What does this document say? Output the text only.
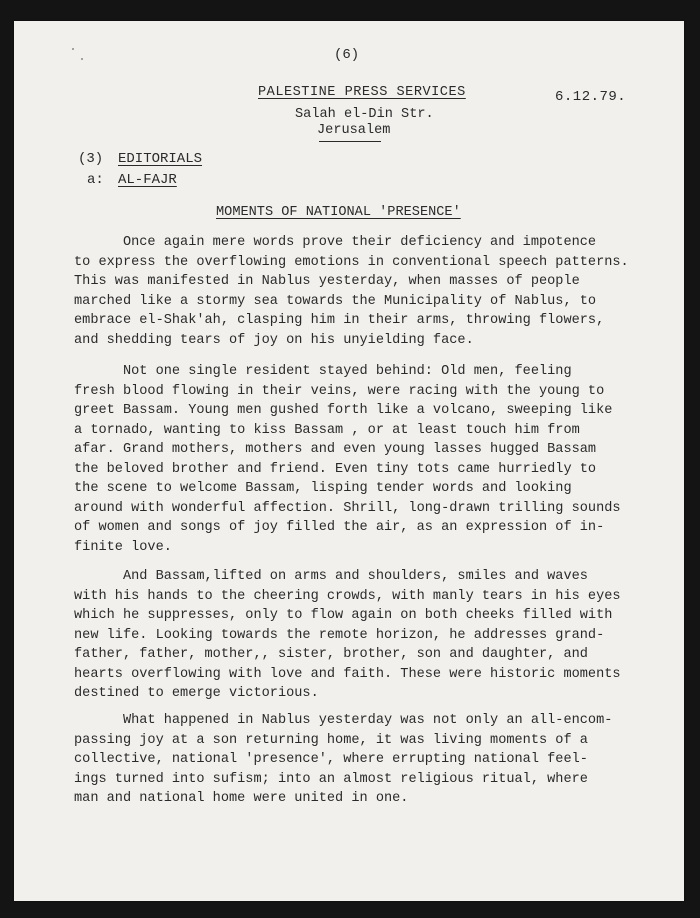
(6)
PALESTINE PRESS SERVICES	6.12.79.
Salah el-Din Str.
Jerusalem
(3) EDITORIALS
a: AL-FAJR
MOMENTS OF NATIONAL 'PRESENCE'
Once again mere words prove their deficiency and impotence
to express the overflowing emotions in conventional speech patterns.
This was manifested in Nablus yesterday, when masses of people
marched like a stormy sea towards the Municipality of Nablus, to
embrace el-Shak'ah, clasping him in their arms, throwing flowers,
and shedding tears of joy on his unyielding face.
Not one single resident stayed behind: Old men, feeling
fresh blood flowing in their veins, were racing with the young to
greet Bassam. Young men gushed forth like a volcano, sweeping like
a tornado, wanting to kiss Bassam , or at least touch him from
afar. Grand mothers, mothers and even young lasses hugged Bassam
the beloved brother and friend. Even tiny tots came hurriedly to
the scene to welcome Bassam, lisping tender words and looking
around with wonderful affection. Shrill, long-drawn trilling sounds
of women and songs of joy filled the air, as an expression of in-
finite love.
And Bassam,lifted on arms and shoulders, smiles and waves
with his hands to the cheering crowds, with manly tears in his eyes
which he suppresses, only to flow again on both cheeks filled with
new life. Looking towards the remote horizon, he addresses grand-
father, father, mother,, sister, brother, son and daughter, and
hearts overflowing with love and faith. These were historic moments
destined to emerge victorious.
What happened in Nablus yesterday was not only an all-encom-
passing joy at a son returning home, it was living moments of a
collective, national 'presence', where errupting national feel-
ings turned into sufism; into an almost religious ritual, where
man and national home were united in one.
